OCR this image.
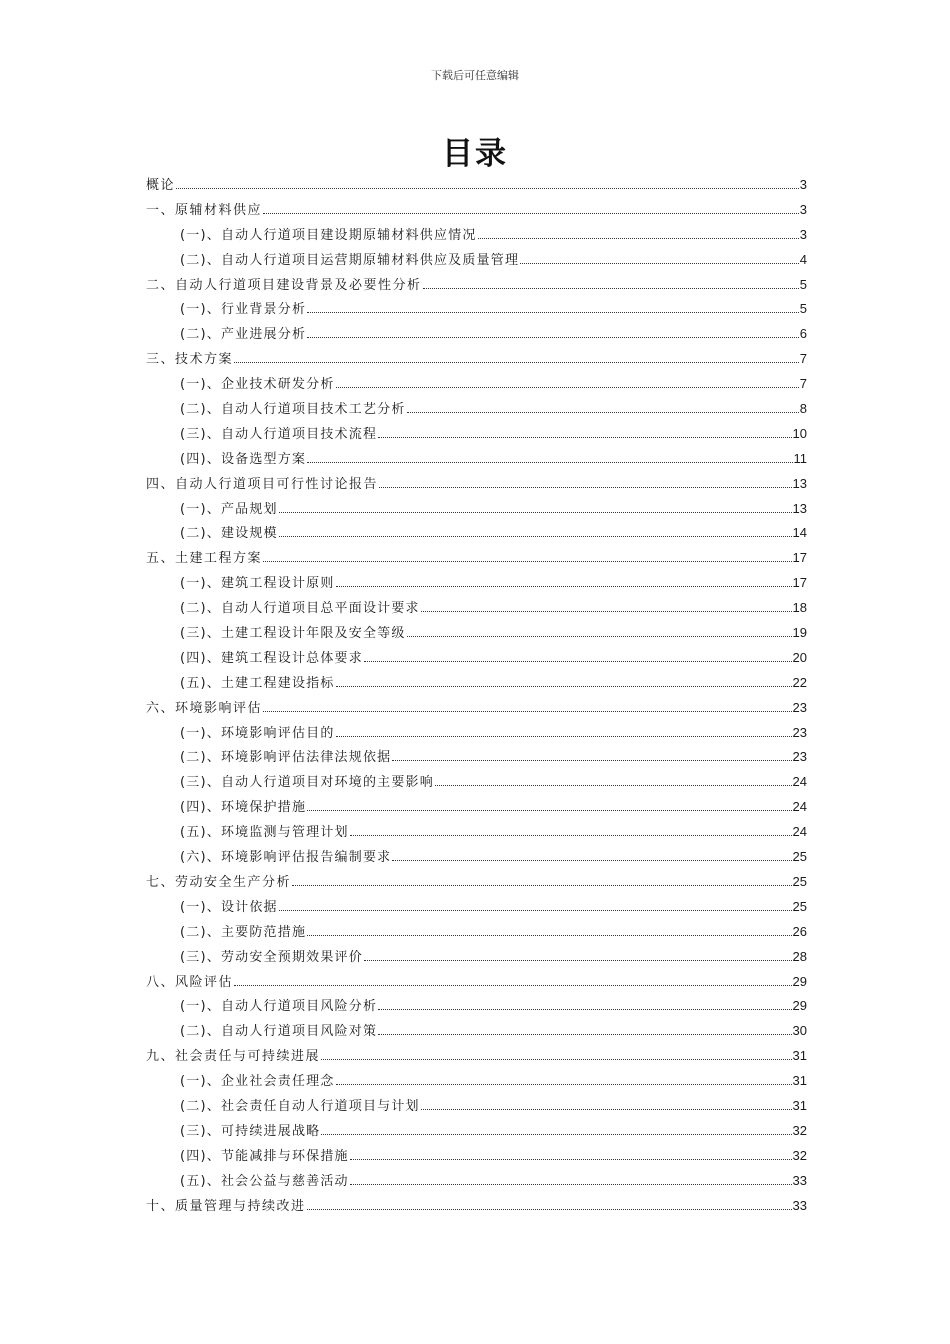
下载后可任意编辑
目录
概论	3
一、原辅材料供应	3
(一)、自动人行道项目建设期原辅材料供应情况	3
(二)、自动人行道项目运营期原辅材料供应及质量管理	4
二、自动人行道项目建设背景及必要性分析	5
(一)、行业背景分析	5
(二)、产业进展分析	6
三、技术方案	7
(一)、企业技术研发分析	7
(二)、自动人行道项目技术工艺分析	8
(三)、自动人行道项目技术流程	10
(四)、设备选型方案	11
四、自动人行道项目可行性讨论报告	13
(一)、产品规划	13
(二)、建设规模	14
五、土建工程方案	17
(一)、建筑工程设计原则	17
(二)、自动人行道项目总平面设计要求	18
(三)、土建工程设计年限及安全等级	19
(四)、建筑工程设计总体要求	20
(五)、土建工程建设指标	22
六、环境影响评估	23
(一)、环境影响评估目的	23
(二)、环境影响评估法律法规依据	23
(三)、自动人行道项目对环境的主要影响	24
(四)、环境保护措施	24
(五)、环境监测与管理计划	24
(六)、环境影响评估报告编制要求	25
七、劳动安全生产分析	25
(一)、设计依据	25
(二)、主要防范措施	26
(三)、劳动安全预期效果评价	28
八、风险评估	29
(一)、自动人行道项目风险分析	29
(二)、自动人行道项目风险对策	30
九、社会责任与可持续进展	31
(一)、企业社会责任理念	31
(二)、社会责任自动人行道项目与计划	31
(三)、可持续进展战略	32
(四)、节能减排与环保措施	32
(五)、社会公益与慈善活动	33
十、质量管理与持续改进	33
